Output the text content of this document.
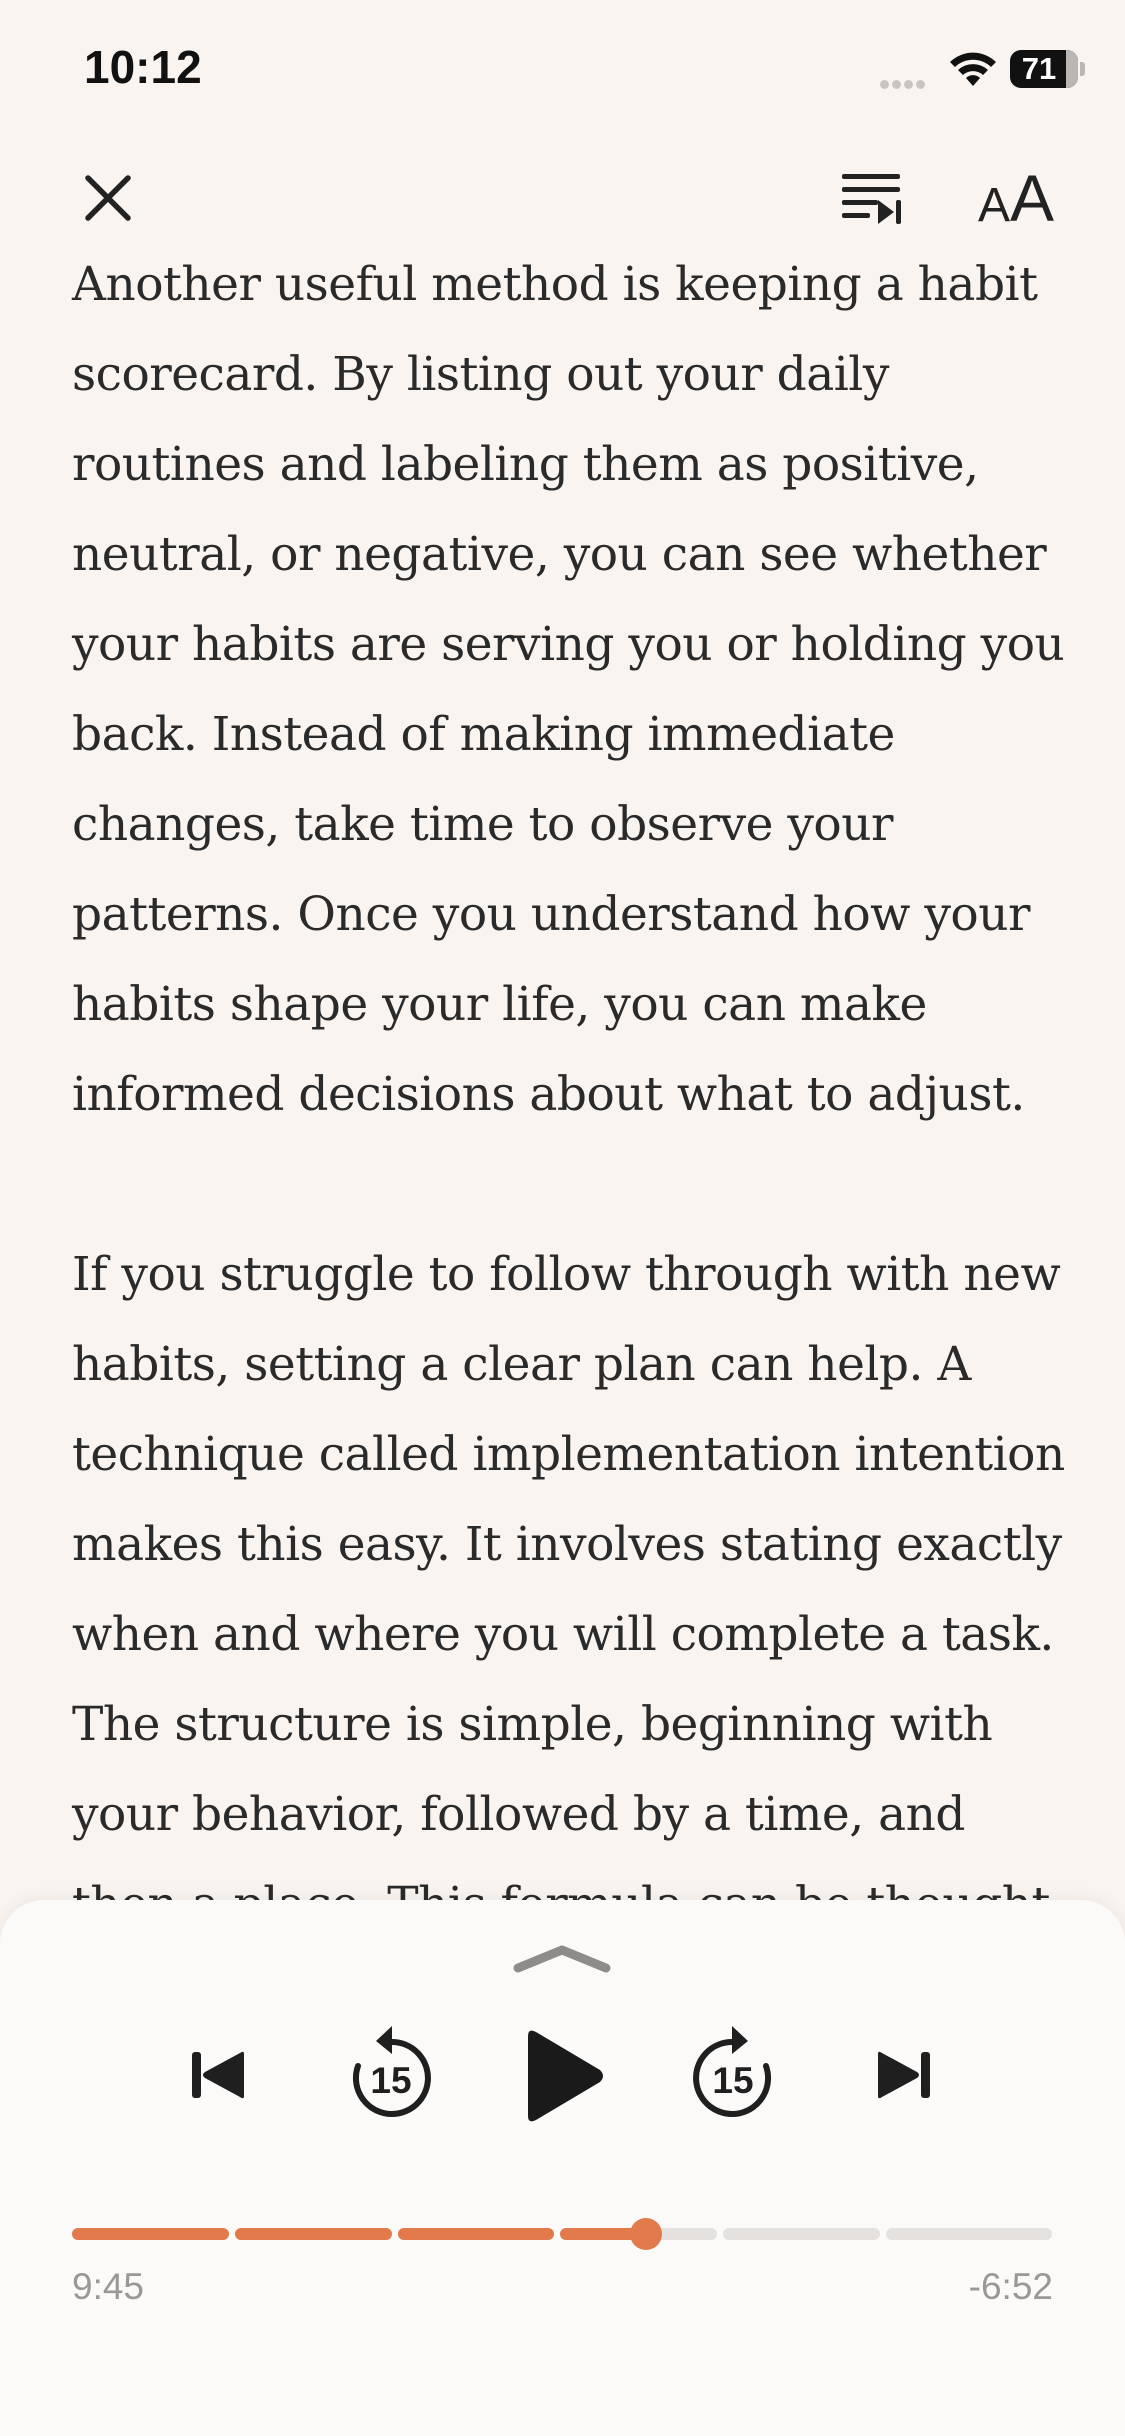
10:12	71
AA

Another useful method is keeping a habit scorecard. By listing out your daily routines and labeling them as positive, neutral, or negative, you can see whether your habits are serving you or holding you back. Instead of making immediate changes, take time to observe your patterns. Once you understand how your habits shape your life, you can make informed decisions about what to adjust.

If you struggle to follow through with new habits, setting a clear plan can help. A technique called implementation intention makes this easy. It involves stating exactly when and where you will complete a task. The structure is simple, beginning with your behavior, followed by a time, and

15	15
9:45	-6:52
